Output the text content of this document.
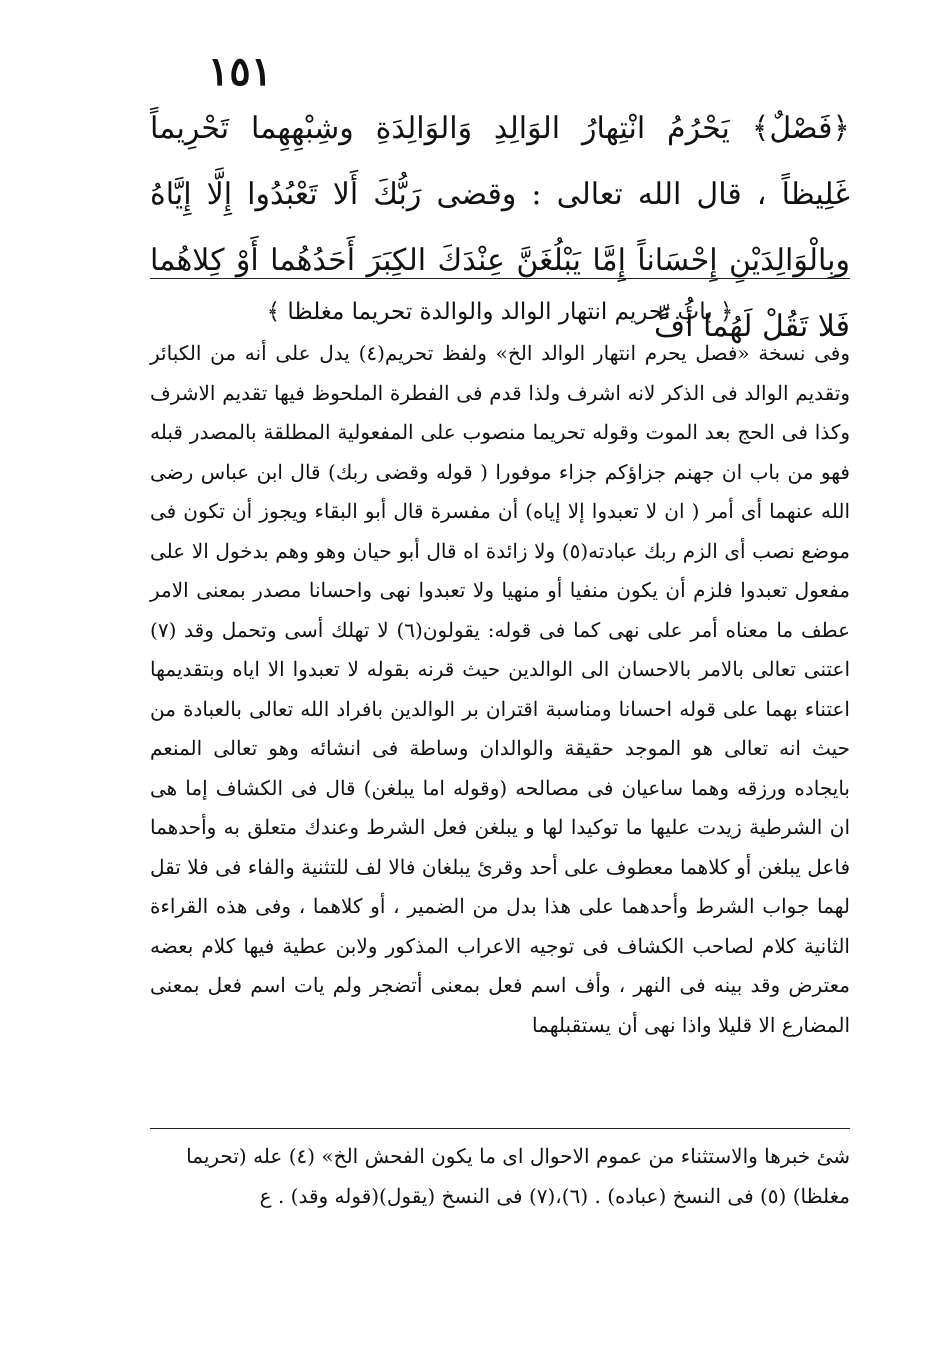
١٥١

﴿فَصْلٌ﴾ يَحْرُمُ انْتِهارُ الوَالِدِ وَالوَالِدَةِ وشِبْهِهِما تَحْرِيماً غَلِيظاً ، قال الله تعالى : وقضى رَبُّكَ أَلا تَعْبُدُوا إِلَّا إِيَّاهُ وبِالْوَالِدَيْنِ إِحْسَاناً إِمَّا يَبْلُغَنَّ عِنْدَكَ الكِبَرَ أَحَدُهُما أَوْ كِلاهُما فَلا تَقُلْ لَهُما أُفٍّ

﴿ باب تحريم انتهار الوالد والوالدة تحريما مغلظا ﴾

وفى نسخة «فصل يحرم انتهار الوالد الخ» ولفظ تحريم(٤) يدل على أنه من الكبائر وتقديم الوالد فى الذكر لانه اشرف ولذا قدم فى الفطرة الملحوظ فيها تقديم الاشرف وكذا فى الحج بعد الموت وقوله تحريما منصوب على المفعولية المطلقة بالمصدر قبله فهو من باب ان جهنم جزاؤكم جزاء موفورا ( قوله وقضى ربك) قال ابن عباس رضى الله عنهما أى أمر ( ان لا تعبدوا إلا إياه) أن مفسرة قال أبو البقاء ويجوز أن تكون فى موضع نصب أى الزم ربك عبادته(٥) ولا زائدة اه قال أبو حيان وهو وهم بدخول الا على مفعول تعبدوا فلزم أن يكون منفيا أو منهيا ولا تعبدوا نهى واحسانا مصدر بمعنى الامر عطف ما معناه أمر على نهى كما فى قوله: يقولون(٦) لا تهلك أسى وتحمل وقد (٧) اعتنى تعالى بالامر بالاحسان الى الوالدين حيث قرنه بقوله لا تعبدوا الا اياه وبتقديمها اعتناء بهما على قوله احسانا ومناسبة اقتران بر الوالدين بافراد الله تعالى بالعبادة من حيث انه تعالى هو الموجد حقيقة والوالدان وساطة فى انشائه وهو تعالى المنعم بايجاده ورزقه وهما ساعيان فى مصالحه (وقوله اما يبلغن) قال فى الكشاف إما هى ان الشرطية زيدت عليها ما توكيدا لها و يبلغن فعل الشرط وعندك متعلق به وأحدهما فاعل يبلغن أو كلاهما معطوف على أحد وقرئ يبلغان فالا لف للتثنية والفاء فى فلا تقل لهما جواب الشرط وأحدهما على هذا بدل من الضمير ، أو كلاهما ، وفى هذه القراءة الثانية كلام لصاحب الكشاف فى توجيه الاعراب المذكور ولابن عطية فيها كلام بعضه معترض وقد بينه فى النهر ، وأف اسم فعل بمعنى أتضجر ولم يات اسم فعل بمعنى المضارع الا قليلا واذا نهى أن يستقبلهما

شئ خبرها والاستثناء من عموم الاحوال اى ما يكون الفحش الخ» (٤) عله (تحريما

مغلظا) (٥) فى النسخ (عباده) . (٦)،(٧) فى النسخ (يقول)(قوله وقد) . ع
